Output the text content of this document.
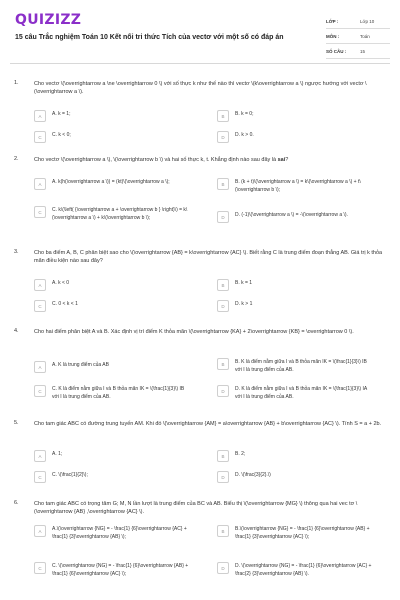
QUIZIZZ
15 câu Trắc nghiệm Toán 10 Kết nối tri thức Tích của vectơ với một số có đáp án
LỚP :	Lớp 10
MÔN :	Toán
SỐ CÂU :	15
1.	Cho vectơ \(\overrightarrow a \ne \overrightarrow 0 \) với số thực k như thế nào thì vectơ \(k\overrightarrow a \) ngược hướng với vectơ \(\overrightarrow a \).
A	A. k = 1;	B	B. k = 0;
C	C. k < 0;	D	D. k > 0.
2.	Cho vectơ \(\overrightarrow a \), \(\overrightarrow b \) và hai số thực k, t. Khẳng định nào sau đây là sai?
A	A. k(h(\overrightarrow a \)) = (kt)\(\overrightarrow a \);	B	B. (k + t)\(\overrightarrow a \) = k\(\overrightarrow a \) + t\(\overrightarrow b \);
C	C. k\(\left( {\overrightarrow a + \overrightarrow b } \right)\) = k\(\overrightarrow a \) + k\(\overrightarrow b \);	D	D. (-1)\(\overrightarrow a \) = -\(\overrightarrow a \).
3.	Cho ba điểm A, B, C phân biệt sao cho \(\overrightarrow {AB} = k\overrightarrow {AC} \). Biết rằng C là trung điểm đoạn thẳng AB. Giá trị k thỏa mãn điều kiện nào sau đây?
A	A. k < 0	B	B. k = 1
C	C. 0 < k < 1	D	D. k > 1
4.	Cho hai điểm phân biệt A và B. Xác định vị trí điểm K thỏa mãn \(\overrightarrow {KA} + 2\overrightarrow {KB} = \overrightarrow 0 \).
A	A. K là trung điểm của AB	B	B. K là điểm nằm giữa I và B thỏa mãn IK = \(\frac{1}{3}\) IB với I là trung điểm của AB.
C	C. K là điểm nằm giữa I và B thỏa mãn IK = \(\frac{1}{3}\) IB với I là trung điểm của AB.
D	D. K là điểm nằm giữa I và B thỏa mãn IK = \(\frac{1}{3}\) IA với I là trung điểm của AB.
5.	Cho tam giác ABC có đường trung tuyến AM. Khi đó \(\overrightarrow {AM} = a\overrightarrow {AB} + b\overrightarrow {AC} \). Tính S = a + 2b.
A	A. 1;	B	B. 2;
C	C. \(\frac{1}{2}\);	D	D. \(\frac{3}{2}.\)
6.	Cho tam giác ABC có trọng tâm G; M, N lần lượt là trung điểm của BC và AB. Biểu thị \(\overrightarrow {MG} \) thông qua hai vec tơ \(\overrightarrow {AB} ,\overrightarrow {AC} \).
A	A.\(\overrightarrow {NG} = - \frac{1} {6}\overrightarrow {AC} + \frac{1} {3}\overrightarrow {AB} \);
B	B.\(\overrightarrow {NG} = - \frac{1} {6}\overrightarrow {AB} + \frac{1} {3}\overrightarrow {AC} \);
C	C. \(\overrightarrow {NG} = - \frac{1} {6}\overrightarrow {AB} + \frac{1} {6}\overrightarrow {AC} \);
D	D. \(\overrightarrow {NG} = - \frac{1} {6}\overrightarrow {AC} + \frac{2} {3}\overrightarrow {AB} \).
